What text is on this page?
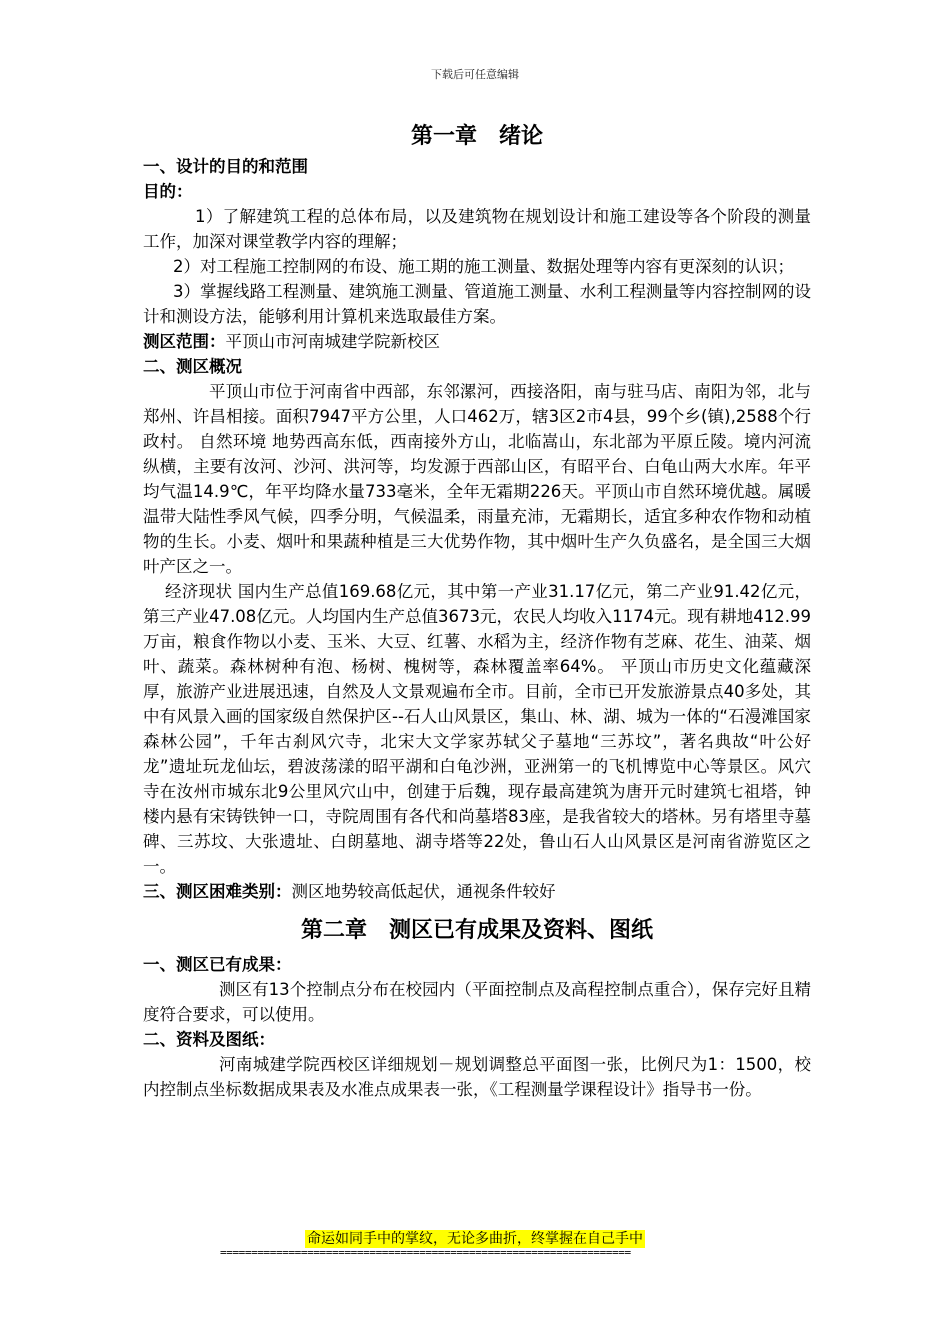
下载后可任意编辑
第一章　绪论

一、设计的目的和范围

目的：

1）了解建筑工程的总体布局，以及建筑物在规划设计和施工建设等各个阶段的测量工作，加深对课堂教学内容的理解；

2）对工程施工控制网的布设、施工期的施工测量、数据处理等内容有更深刻的认识；

3）掌握线路工程测量、建筑施工测量、管道施工测量、水利工程测量等内容控制网的设计和测设方法，能够利用计算机来选取最佳方案。

测区范围：平顶山市河南城建学院新校区

二、测区概况

平顶山市位于河南省中西部，东邻漯河，西接洛阳，南与驻马店、南阳为邻，北与郑州、许昌相接。面积7947平方公里，人口462万，辖3区2市4县，99个乡(镇),2588个行政村。 自然环境 地势西高东低，西南接外方山，北临嵩山，东北部为平原丘陵。境内河流纵横，主要有汝河、沙河、洪河等，均发源于西部山区，有昭平台、白龟山两大水库。年平均气温14.9℃，年平均降水量733毫米，全年无霜期226天。平顶山市自然环境优越。属暖温带大陆性季风气候，四季分明，气候温柔，雨量充沛，无霜期长，适宜多种农作物和动植物的生长。小麦、烟叶和果蔬种植是三大优势作物，其中烟叶生产久负盛名，是全国三大烟叶产区之一。

经济现状 国内生产总值169.68亿元，其中第一产业31.17亿元，第二产业91.42亿元，第三产业47.08亿元。人均国内生产总值3673元，农民人均收入1174元。现有耕地412.99万亩，粮食作物以小麦、玉米、大豆、红薯、水稻为主，经济作物有芝麻、花生、油菜、烟叶、蔬菜。森林树种有泡、杨树、槐树等，森林覆盖率64%。 平顶山市历史文化蕴藏深厚，旅游产业进展迅速，自然及人文景观遍布全市。目前，全市已开发旅游景点40多处，其中有风景入画的国家级自然保护区--石人山风景区，集山、林、湖、城为一体的“石漫滩国家森林公园”，千年古刹风穴寺，北宋大文学家苏轼父子墓地“三苏坟”，著名典故“叶公好龙”遗址玩龙仙坛，碧波荡漾的昭平湖和白龟沙洲，亚洲第一的飞机博览中心等景区。风穴寺在汝州市城东北9公里风穴山中，创建于后魏，现存最高建筑为唐开元时建筑七祖塔，钟楼内悬有宋铸铁钟一口，寺院周围有各代和尚墓塔83座，是我省较大的塔林。另有塔里寺墓碑、三苏坟、大张遗址、白朗墓地、湖寺塔等22处，鲁山石人山风景区是河南省游览区之一。

三、测区困难类别：测区地势较高低起伏，通视条件较好

第二章　测区已有成果及资料、图纸

一、测区已有成果：

测区有13个控制点分布在校园内（平面控制点及高程控制点重合），保存完好且精度符合要求，可以使用。

二、资料及图纸：

河南城建学院西校区详细规划－规划调整总平面图一张，比例尺为1：1500，校内控制点坐标数据成果表及水准点成果表一张，《工程测量学课程设计》指导书一份。

命运如同手中的掌纹，无论多曲折，终掌握在自己手中
==================================================================
